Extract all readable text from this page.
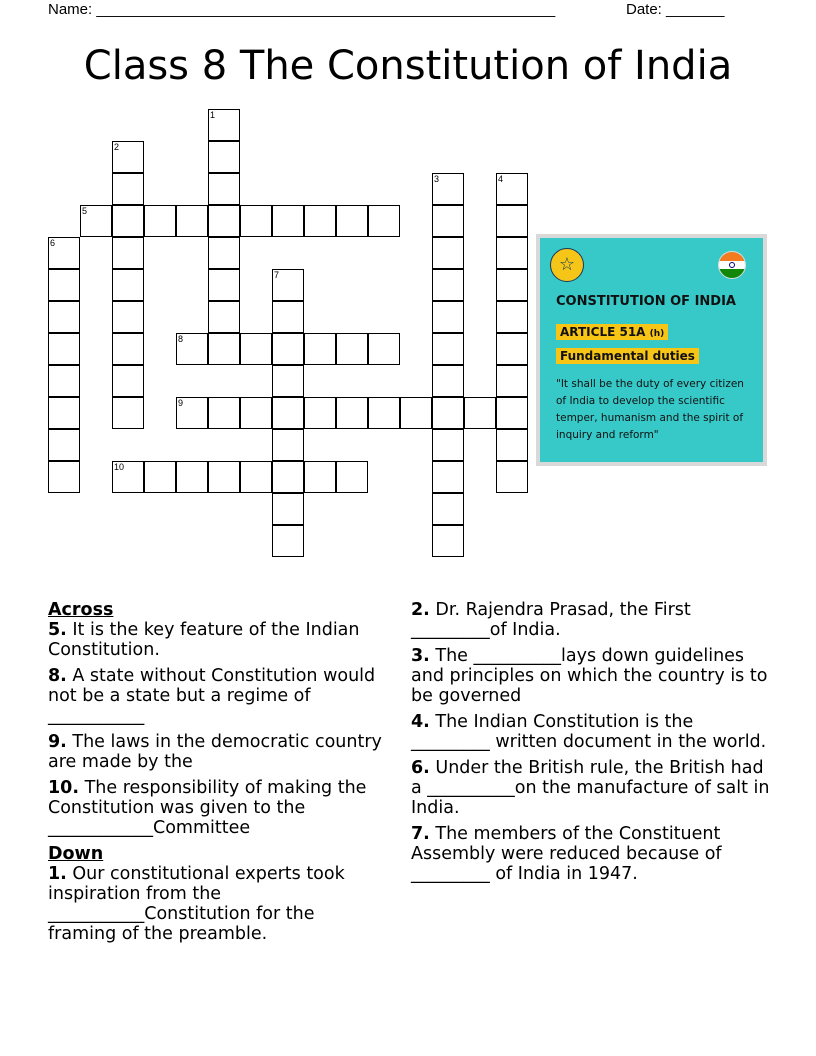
Name: _______________________________________________________	Date: _______
Class 8 The Constitution of India
1
2
3	4
5
6
7
8
9
10
☆
CONSTITUTION OF INDIA
ARTICLE 51A (h)
Fundamental duties
"It shall be the duty of every citizen of India to develop the scientific temper, humanism and the spirit of inquiry and reform"

Across

5. It is the key feature of the Indian Constitution.

8. A state without Constitution would not be a state but a regime of ___________

9. The laws in the democratic country are made by the

10. The responsibility of making the Constitution was given to the ____________Committee

Down

1. Our constitutional experts took inspiration from the ___________Constitution for the framing of the preamble.

2. Dr. Rajendra Prasad, the First _________of India.

3. The __________lays down guidelines and principles on which the country is to be governed

4. The Indian Constitution is the _________ written document in the world.

6. Under the British rule, the British had a __________on the manufacture of salt in India.

7. The members of the Constituent Assembly were reduced because of _________ of India in 1947.
